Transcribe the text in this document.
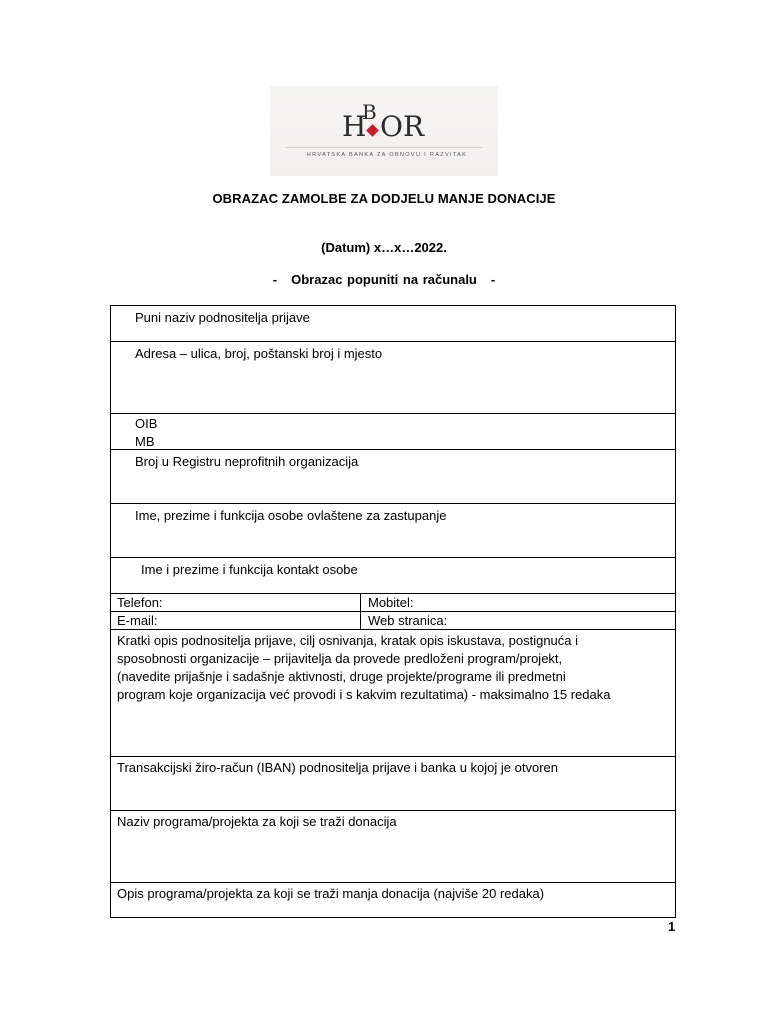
H
B OR
HRVATSKA BANKA ZA OBNOVU I RAZVITAK
OBRAZAC ZAMOLBE ZA DODJELU MANJE DONACIJE
(Datum) x…x…2022.
- Obrazac popuniti na računalu -
Puni naziv podnositelja prijave
Adresa – ulica, broj, poštanski broj i mjesto
OIB
MB
Broj u Registru neprofitnih organizacija
Ime, prezime i funkcija osobe ovlaštene za zastupanje
Ime i prezime i funkcija kontakt osobe
Telefon:	Mobitel:
E-mail:	Web stranica:
Kratki opis podnositelja prijave, cilj osnivanja, kratak opis iskustava, postignuća i
sposobnosti organizacije – prijavitelja da provede predloženi program/projekt,
(navedite prijašnje i sadašnje aktivnosti, druge projekte/programe ili predmetni
program koje organizacija već provodi i s kakvim rezultatima) - maksimalno 15 redaka
Transakcijski žiro-račun (IBAN) podnositelja prijave i banka u kojoj je otvoren
Naziv programa/projekta za koji se traži donacija
Opis programa/projekta za koji se traži manja donacija (najviše 20 redaka)
1
